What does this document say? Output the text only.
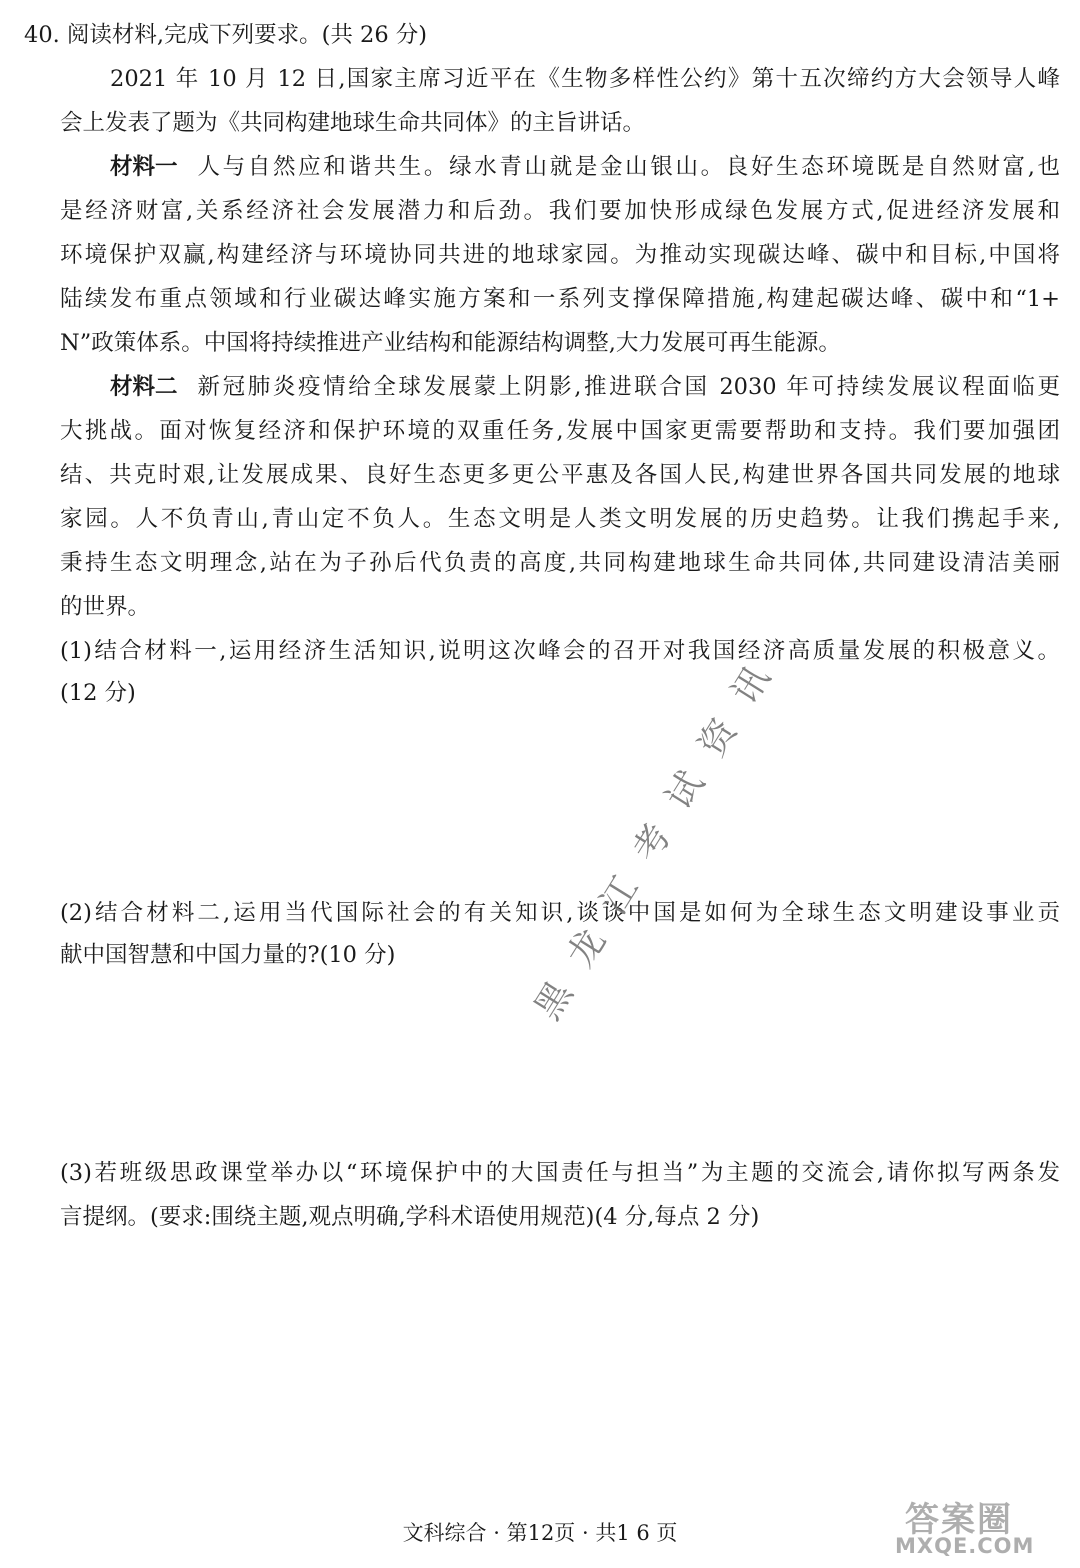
40. 阅读材料,完成下列要求。(共 26 分)
2021 年 10 月 12 日,国家主席习近平在《生物多样性公约》第十五次缔约方大会领导人峰
会上发表了题为《共同构建地球生命共同体》的主旨讲话。
材料一 人与自然应和谐共生。绿水青山就是金山银山。良好生态环境既是自然财富,也
是经济财富,关系经济社会发展潜力和后劲。我们要加快形成绿色发展方式,促进经济发展和
环境保护双赢,构建经济与环境协同共进的地球家园。为推动实现碳达峰、碳中和目标,中国将
陆续发布重点领域和行业碳达峰实施方案和一系列支撑保障措施,构建起碳达峰、碳中和“1+
N”政策体系。中国将持续推进产业结构和能源结构调整,大力发展可再生能源。
材料二 新冠肺炎疫情给全球发展蒙上阴影,推进联合国 2030 年可持续发展议程面临更
大挑战。面对恢复经济和保护环境的双重任务,发展中国家更需要帮助和支持。我们要加强团
结、共克时艰,让发展成果、良好生态更多更公平惠及各国人民,构建世界各国共同发展的地球
家园。人不负青山,青山定不负人。生态文明是人类文明发展的历史趋势。让我们携起手来,
秉持生态文明理念,站在为子孙后代负责的高度,共同构建地球生命共同体,共同建设清洁美丽
的世界。
(1)结合材料一,运用经济生活知识,说明这次峰会的召开对我国经济高质量发展的积极意义。
(12 分)
(2)结合材料二,运用当代国际社会的有关知识,谈谈中国是如何为全球生态文明建设事业贡
献中国智慧和中国力量的?(10 分)
(3)若班级思政课堂举办以“环境保护中的大国责任与担当”为主题的交流会,请你拟写两条发
言提纲。(要求:围绕主题,观点明确,学科术语使用规范)(4 分,每点 2 分)
黑龙江考试资讯
文科综合 · 第12页 · 共1 6 页	答案圈
MXQE.COM
